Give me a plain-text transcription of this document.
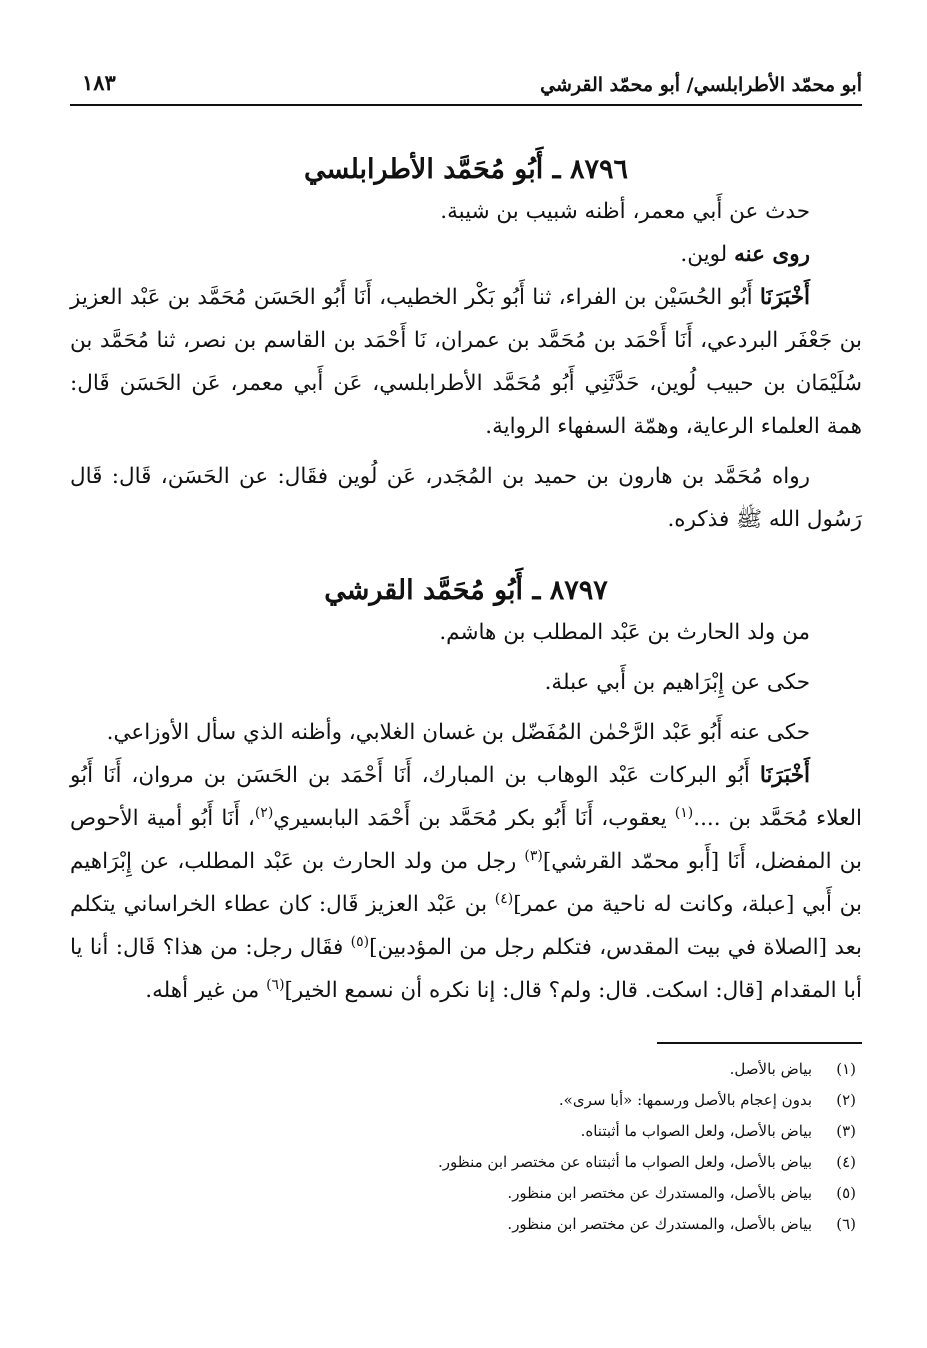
أبو محمّد الأطرابلسي/ أبو محمّد القرشي
١٨٣
٨٧٩٦ ـ أَبُو مُحَمَّد الأطرابلسي

حدث عن أَبي معمر، أظنه شبيب بن شيبة.

روى عنه لوين.

أَخْبَرَنَا أَبُو الحُسَيْن بن الفراء، ثنا أَبُو بَكْر الخطيب، أَنَا أَبُو الحَسَن مُحَمَّد بن عَبْد العزيز بن جَعْفَر البردعي، أَنَا أَحْمَد بن مُحَمَّد بن عمران، نَا أَحْمَد بن القاسم بن نصر، ثنا مُحَمَّد بن سُلَيْمَان بن حبيب لُوين، حَدَّثَنِي أَبُو مُحَمَّد الأطرابلسي، عَن أَبي معمر، عَن الحَسَن قَال: همة العلماء الرعاية، وهمّة السفهاء الرواية.

رواه مُحَمَّد بن هارون بن حميد بن المُجَدر، عَن لُوين فقَال: عن الحَسَن، قَال: قَال رَسُول الله ﷺ فذكره.

٨٧٩٧ ـ أَبُو مُحَمَّد القرشي

من ولد الحارث بن عَبْد المطلب بن هاشم.

حكى عن إِبْرَاهيم بن أَبي عبلة.

حكى عنه أَبُو عَبْد الرَّحْمٰن المُفَضّل بن غسان الغلابي، وأظنه الذي سأل الأوزاعي.

أَخْبَرَنَا أَبُو البركات عَبْد الوهاب بن المبارك، أَنَا أَحْمَد بن الحَسَن بن مروان، أَنَا أَبُو العلاء مُحَمَّد بن ....$^{(١)}$ يعقوب، أَنَا أَبُو بكر مُحَمَّد بن أَحْمَد البابسيري$^{(٢)}$، أَنَا أَبُو أمية الأحوص بن المفضل، أَنَا [أَبو محمّد القرشي]$^{(٣)}$ رجل من ولد الحارث بن عَبْد المطلب، عن إِبْرَاهيم بن أَبي [عبلة، وكانت له ناحية من عمر]$^{(٤)}$ بن عَبْد العزيز قَال: كان عطاء الخراساني يتكلم بعد [الصلاة في بيت المقدس، فتكلم رجل من المؤدبين]$^{(٥)}$ فقَال رجل: من هذا؟ قَال: أنا يا أبا المقدام [قال: اسكت. قال: ولم؟ قال: إنا نكره أن نسمع الخير]$^{(٦)}$ من غير أهله.

(١)
بياض بالأصل.
(٢)
بدون إعجام بالأصل ورسمها: «أبا سرى».
(٣)
بياض بالأصل، ولعل الصواب ما أثبتناه.
(٤)
بياض بالأصل، ولعل الصواب ما أثبتناه عن مختصر ابن منظور.
(٥)
بياض بالأصل، والمستدرك عن مختصر ابن منظور.
(٦)
بياض بالأصل، والمستدرك عن مختصر ابن منظور.
